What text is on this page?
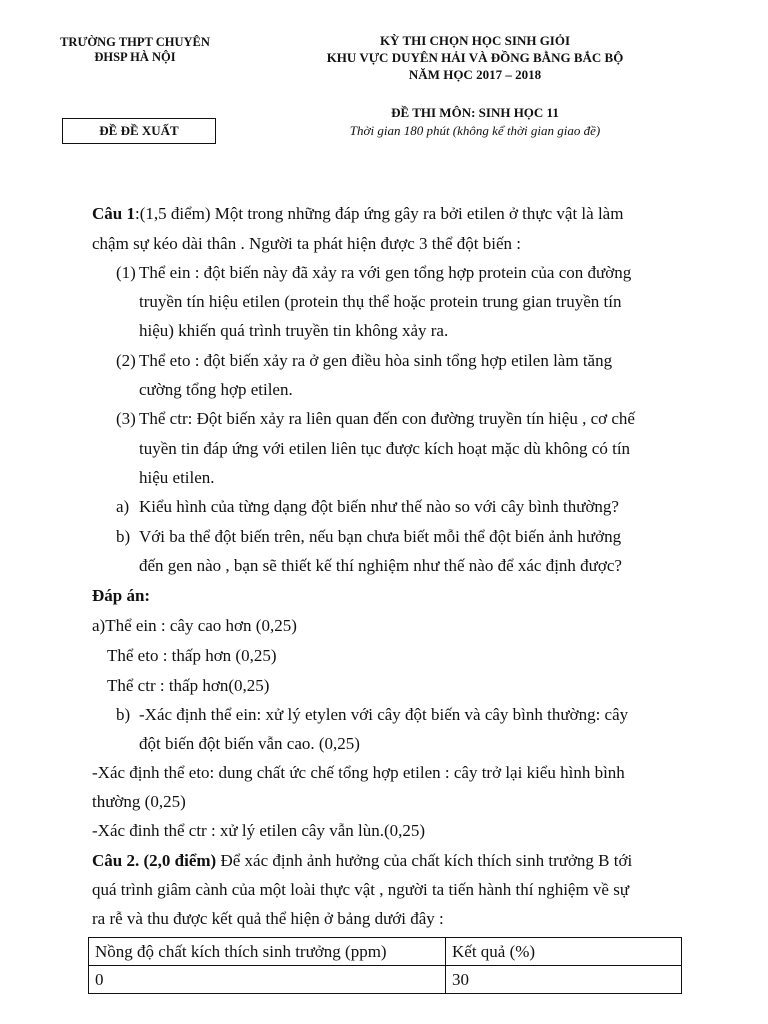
TRƯỜNG THPT CHUYÊN
ĐHSP HÀ NỘI
KỲ THI CHỌN HỌC SINH GIỎI
KHU VỰC DUYÊN HẢI VÀ ĐỒNG BẰNG BẮC BỘ
NĂM HỌC 2017 – 2018
ĐỀ ĐỀ XUẤT
ĐỀ THI MÔN: SINH HỌC 11
Thời gian 180 phút (không kể thời gian giao đề)
Câu 1:(1,5 điểm) Một trong những đáp ứng gây ra bởi etilen ở thực vật là làm
chậm sự kéo dài thân . Người ta phát hiện được 3 thể đột biến :
(1) Thể ein : đột biến này đã xảy ra với gen tổng hợp protein của con đường
truyền tín hiệu etilen (protein thụ thể hoặc protein trung gian truyền tín
hiệu) khiến quá trình truyền tin không xảy ra.
(2) Thể eto : đột biến xảy ra ở gen điều hòa sinh tổng hợp etilen làm tăng
cường tổng hợp etilen.
(3) Thể ctr: Đột biến xảy ra liên quan đến con đường truyền tín hiệu , cơ chế
tuyền tin đáp ứng với etilen liên tục được kích hoạt mặc dù không có tín
hiệu etilen.
a) Kiểu hình của từng dạng đột biến như thế nào so với cây bình thường?
b) Với ba thể đột biến trên, nếu bạn chưa biết mỗi thể đột biến ảnh hưởng
đến gen nào , bạn sẽ thiết kế thí nghiệm như thế nào để xác định được?
Đáp án:
a)Thể ein : cây cao hơn (0,25)
Thể eto : thấp hơn (0,25)
Thể ctr : thấp hơn(0,25)
b) -Xác định thể ein: xử lý etylen với cây đột biến và cây bình thường: cây
đột biến đột biến vẫn cao. (0,25)
-Xác định thể eto: dung chất ức chế tổng hợp etilen : cây trở lại kiểu hình bình
thường (0,25)
-Xác đinh thể ctr : xử lý etilen cây vẫn lùn.(0,25)
Câu 2. (2,0 điểm) Để xác định ảnh hưởng của chất kích thích sinh trưởng B tới
quá trình giâm cành của một loài thực vật , người ta tiến hành thí nghiệm về sự
ra rễ và thu được kết quả thể hiện ở bảng dưới đây :
Nồng độ chất kích thích sinh trưởng (ppm)	Kết quả (%)
0	30
